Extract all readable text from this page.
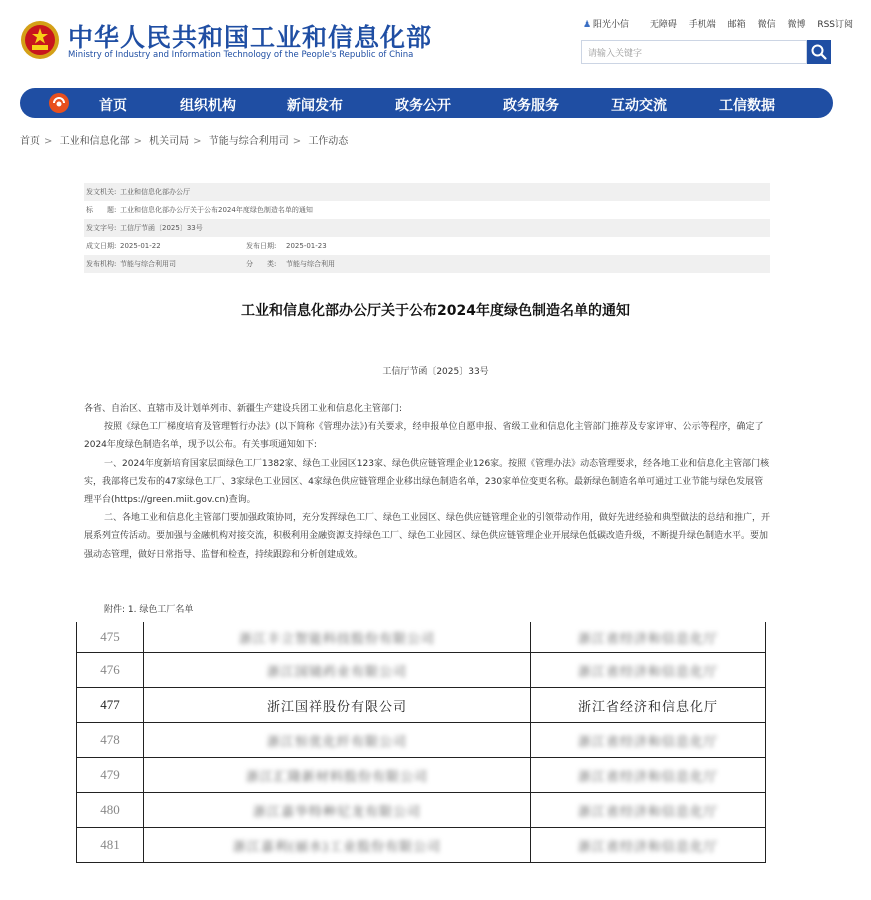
中华人民共和国工业和信息化部
Ministry of Industry and Information Technology of the People's Republic of China
♟ 阳光小信 无障碍 手机端 邮箱 微信 微博 RSS订阅
请输入关键字
首页	组织机构	新闻发布	政务公开	政务服务	互动交流	工信数据
首页 > 工业和信息化部 > 机关司局 > 节能与综合利用司 > 工作动态
发文机关: 工业和信息化部办公厅
标　　题: 工业和信息化部办公厅关于公布2024年度绿色制造名单的通知
发文字号: 工信厅节函〔2025〕33号
成文日期: 2025-01-22	发布日期: 2025-01-23
发布机构: 节能与综合利用司	分　　类: 节能与综合利用
工业和信息化部办公厅关于公布2024年度绿色制造名单的通知
工信厅节函〔2025〕33号

各省、自治区、直辖市及计划单列市、新疆生产建设兵团工业和信息化主管部门:

按照《绿色工厂梯度培育及管理暂行办法》(以下简称《管理办法》)有关要求，经申报单位自愿申报、省级工业和信息化主管部门推荐及专家评审、公示等程序，确定了2024年度绿色制造名单，现予以公布。有关事项通知如下:

一、2024年度新培育国家层面绿色工厂1382家、绿色工业园区123家、绿色供应链管理企业126家。按照《管理办法》动态管理要求，经各地工业和信息化主管部门核实，我部将已发布的47家绿色工厂、3家绿色工业园区、4家绿色供应链管理企业移出绿色制造名单，230家单位变更名称。最新绿色制造名单可通过工业节能与绿色发展管理平台(https://green.miit.gov.cn)查询。

二、各地工业和信息化主管部门要加强政策协同，充分发挥绿色工厂、绿色工业园区、绿色供应链管理企业的引领带动作用，做好先进经验和典型做法的总结和推广，开展系列宣传活动。要加强与金融机构对接交流，积极利用金融资源支持绿色工厂、绿色工业园区、绿色供应链管理企业开展绿色低碳改造升级，不断提升绿色制造水平。要加强动态管理，做好日常指导、监督和检查，持续跟踪和分析创建成效。

附件: 1. 绿色工厂名单
475	浙江丰立智能科技股份有限公司	浙江省经济和信息化厅
476	浙江国镜药业有限公司	浙江省经济和信息化厅
477	浙江国祥股份有限公司	浙江省经济和信息化厅
478	浙江恒优化纤有限公司	浙江省经济和信息化厅
479	浙江汇隆新材料股份有限公司	浙江省经济和信息化厅
480	浙江嘉华特种尼龙有限公司	浙江省经济和信息化厅
481	浙江嘉利(丽水)工业股份有限公司	浙江省经济和信息化厅
